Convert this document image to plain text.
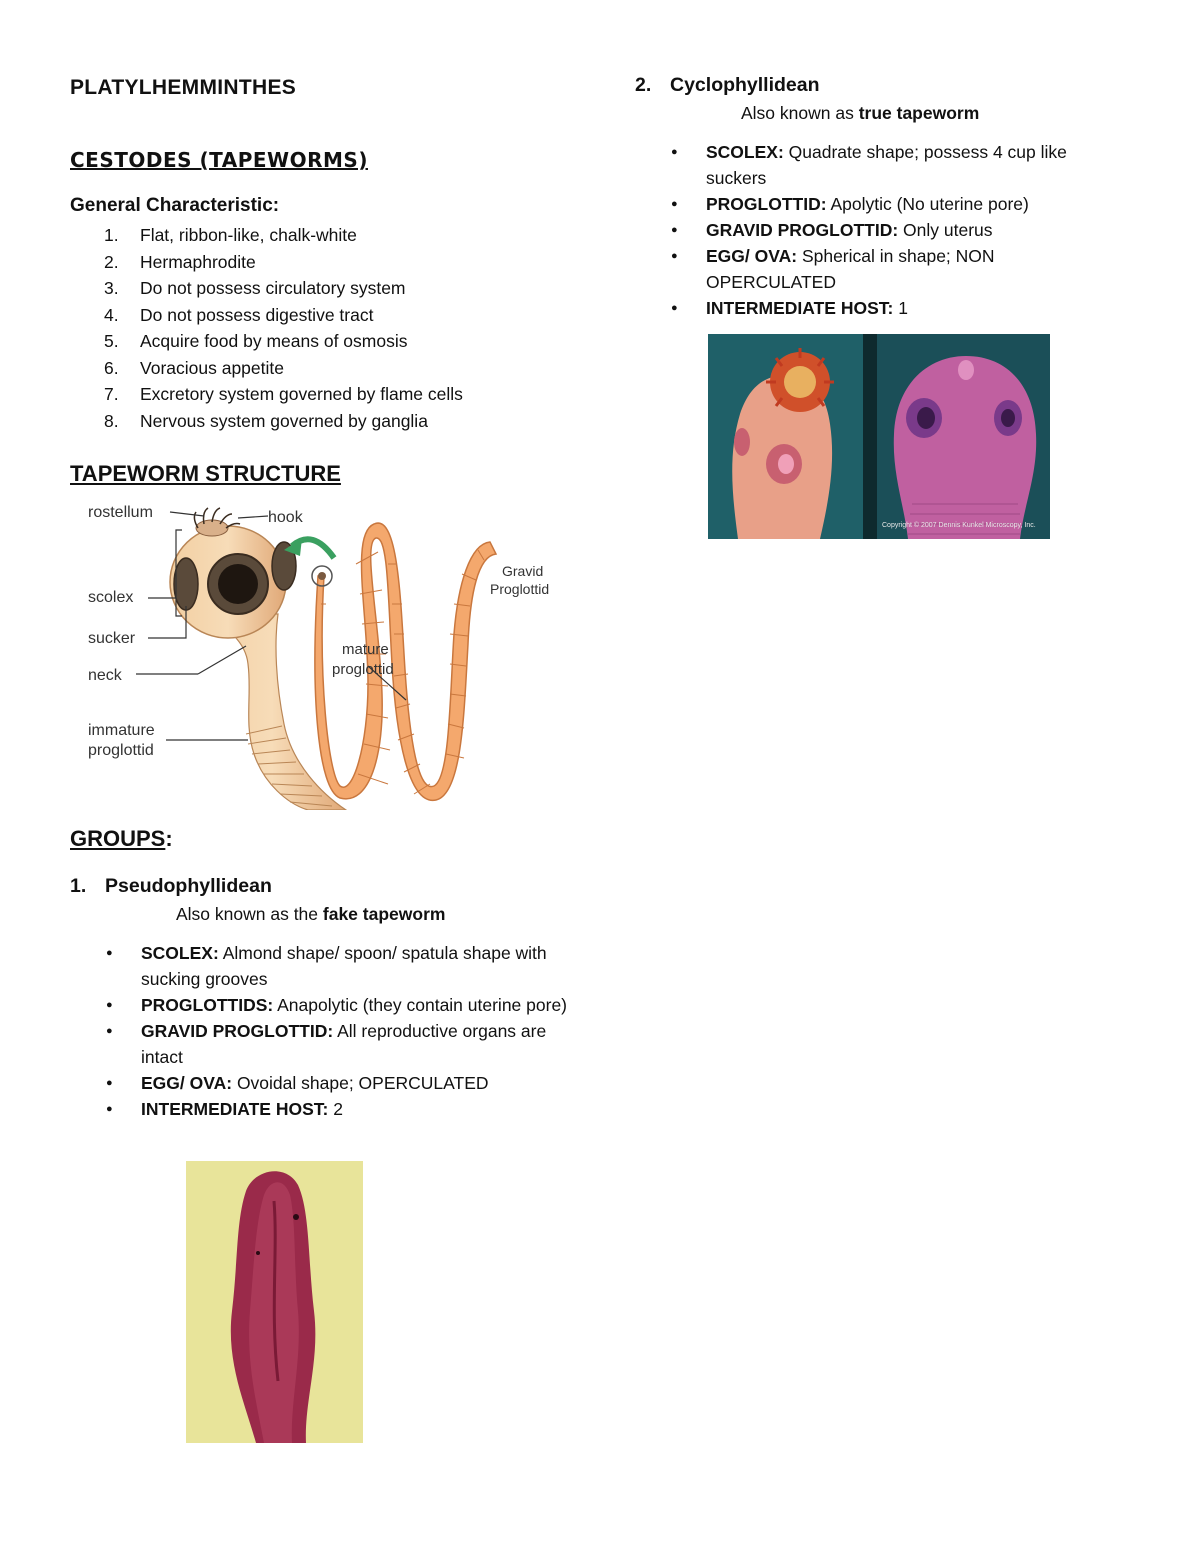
PLATYLHEMMINTHES
CESTODES (TAPEWORMS)
General Characteristic:
1.	Flat, ribbon-like, chalk-white
2.	Hermaphrodite
3.	Do not possess circulatory system
4.	Do not possess digestive tract
5.	Acquire food by means of osmosis
6.	Voracious appetite
7.	Excretory system governed by flame cells
8.	Nervous system governed by ganglia
TAPEWORM STRUCTURE
rostellum	hook
scolex
sucker
neck
immature
proglottid
mature
proglottid
Gravid
Proglottid
GROUPS:
1. Pseudophyllidean
Also known as the fake tapeworm
● SCOLEX: Almond shape/ spoon/ spatula shape with sucking grooves
● PROGLOTTIDS: Anapolytic (they contain uterine pore)
● GRAVID PROGLOTTID: All reproductive organs are intact
● EGG/ OVA: Ovoidal shape; OPERCULATED
● INTERMEDIATE HOST: 2
2. Cyclophyllidean
Also known as true tapeworm
● SCOLEX: Quadrate shape; possess 4 cup like suckers
● PROGLOTTID: Apolytic (No uterine pore)
● GRAVID PROGLOTTID: Only uterus
● EGG/ OVA: Spherical in shape; NON OPERCULATED
● INTERMEDIATE HOST: 1
Copyright © 2007 Dennis Kunkel Microscopy, Inc.
